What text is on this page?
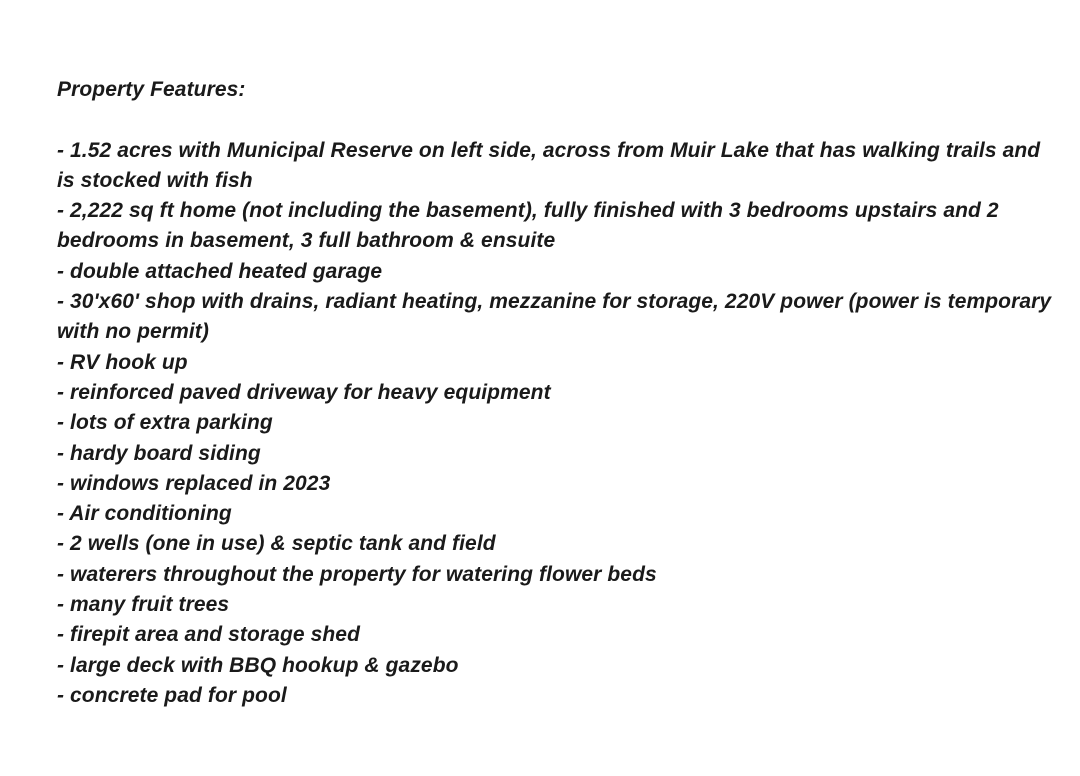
Property Features:

- 1.52 acres with Municipal Reserve on left side, across from Muir Lake that has walking trails and is stocked with fish
- 2,222 sq ft home (not including the basement), fully finished with 3 bedrooms upstairs and 2 bedrooms in basement, 3 full bathroom & ensuite
- double attached heated garage
- 30'x60' shop with drains, radiant heating, mezzanine for storage, 220V power (power is temporary with no permit)
- RV hook up
- reinforced paved driveway for heavy equipment
- lots of extra parking
- hardy board siding
- windows replaced in 2023
- Air conditioning
- 2 wells (one in use) & septic tank and field
- waterers throughout the property for watering flower beds
- many fruit trees
- firepit area and storage shed
- large deck with BBQ hookup & gazebo
- concrete pad for pool
